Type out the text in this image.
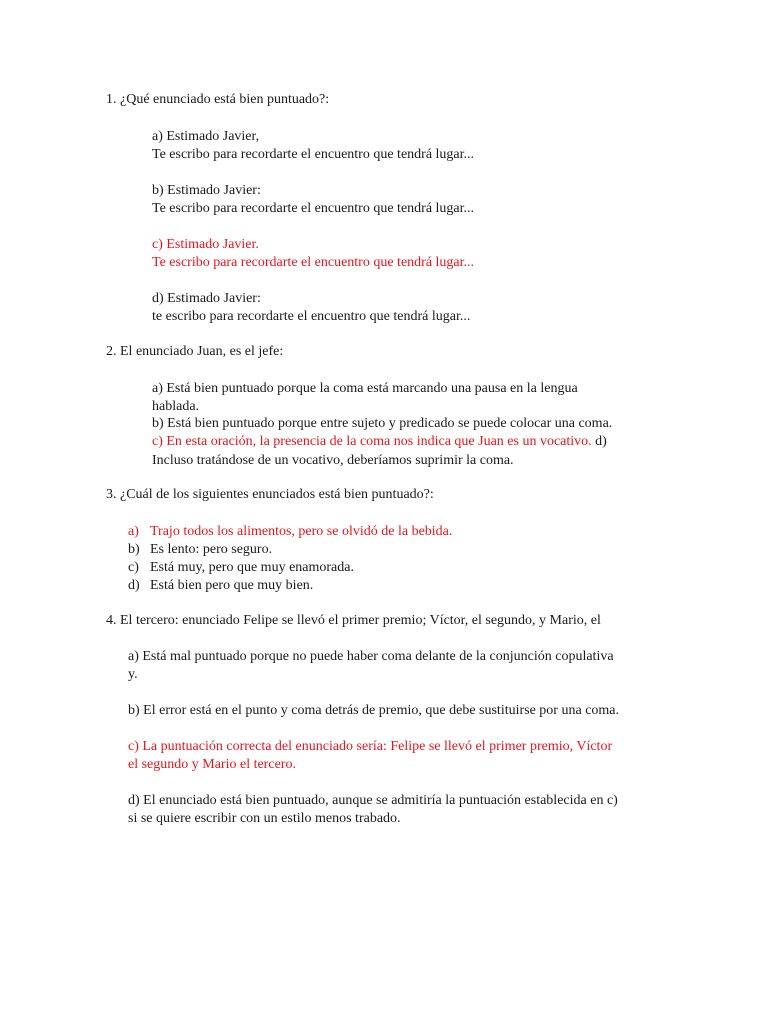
1. ¿Qué enunciado está bien puntuado?:
a) Estimado Javier,
Te escribo para recordarte el encuentro que tendrá lugar...
b) Estimado Javier:
Te escribo para recordarte el encuentro que tendrá lugar...
c) Estimado Javier.
Te escribo para recordarte el encuentro que tendrá lugar...
d) Estimado Javier:
te escribo para recordarte el encuentro que tendrá lugar...
2. El enunciado Juan, es el jefe:
a) Está bien puntuado porque la coma está marcando una pausa en la lengua
hablada.
b) Está bien puntuado porque entre sujeto y predicado se puede colocar una coma.
c) En esta oración, la presencia de la coma nos indica que Juan es un vocativo. d)
Incluso tratándose de un vocativo, deberíamos suprimir la coma.
3. ¿Cuál de los siguientes enunciados está bien puntuado?:
a) Trajo todos los alimentos, pero se olvidó de la bebida.
b) Es lento: pero seguro.
c) Está muy, pero que muy enamorada.
d) Está bien pero que muy bien.
4. El tercero: enunciado Felipe se llevó el primer premio; Víctor, el segundo, y Mario, el
a) Está mal puntuado porque no puede haber coma delante de la conjunción copulativa
y.
b) El error está en el punto y coma detrás de premio, que debe sustituirse por una coma.
c) La puntuación correcta del enunciado sería: Felipe se llevó el primer premio, Víctor
el segundo y Mario el tercero.
d) El enunciado está bien puntuado, aunque se admitiría la puntuación establecida en c)
si se quiere escribir con un estilo menos trabado.
